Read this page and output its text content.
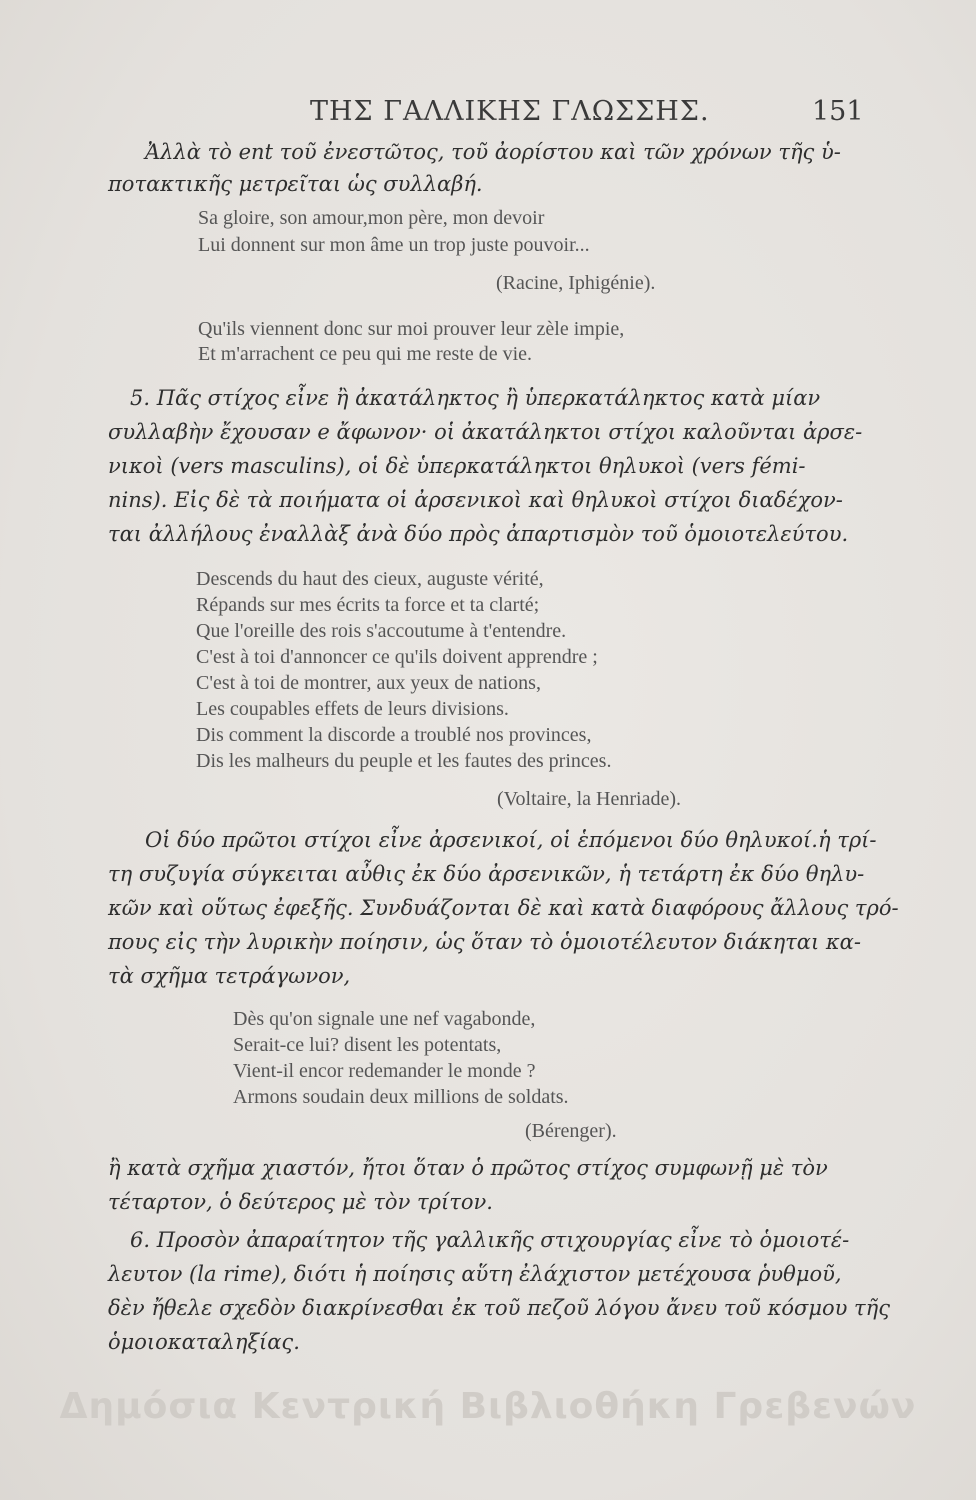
ΤΗΣ ΓΑΛΛΙΚΗΣ ΓΛΩΣΣΗΣ.	151
Ἀλλὰ τὸ ent τοῦ ἐνεστῶτος, τοῦ ἀορίστου καὶ τῶν χρόνων τῆς ὑ-
ποτακτικῆς μετρεῖται ὡς συλλαβή.
Sa gloire, son amour,mon père, mon devoir
Lui donnent sur mon âme un trop juste pouvoir...
(Racine, Iphigénie).
Qu'ils viennent donc sur moi prouver leur zèle impie,
Et m'arrachent ce peu qui me reste de vie.
5. Πᾶς στίχος εἶνε ἢ ἀκατάληκτος ἢ ὑπερκατάληκτος κατὰ μίαν
συλλαβὴν ἔχουσαν e ἄφωνον· οἱ ἀκατάληκτοι στίχοι καλοῦνται ἀρσε-
νικοὶ (vers masculins), οἱ δὲ ὑπερκατάληκτοι θηλυκοὶ (vers fémi-
nins). Εἰς δὲ τὰ ποιήματα οἱ ἀρσενικοὶ καὶ θηλυκοὶ στίχοι διαδέχον-
ται ἀλλήλους ἐναλλὰξ ἀνὰ δύο πρὸς ἀπαρτισμὸν τοῦ ὁμοιοτελεύτου.
Descends du haut des cieux, auguste vérité,
Répands sur mes écrits ta force et ta clarté;
Que l'oreille des rois s'accoutume à t'entendre.
C'est à toi d'annoncer ce qu'ils doivent apprendre ;
C'est à toi de montrer, aux yeux de nations,
Les coupables effets de leurs divisions.
Dis comment la discorde a troublé nos provinces,
Dis les malheurs du peuple et les fautes des princes.
(Voltaire, la Henriade).
Οἱ δύο πρῶτοι στίχοι εἶνε ἀρσενικοί, οἱ ἑπόμενοι δύο θηλυκοί.ἡ τρί-
τη συζυγία σύγκειται αὖθις ἐκ δύο ἀρσενικῶν, ἡ τετάρτη ἐκ δύο θηλυ-
κῶν καὶ οὕτως ἐφεξῆς. Συνδυάζονται δὲ καὶ κατὰ διαφόρους ἄλλους τρό-
πους εἰς τὴν λυρικὴν ποίησιν, ὡς ὅταν τὸ ὁμοιοτέλευτον διάκηται κα-
τὰ σχῆμα τετράγωνον,
Dès qu'on signale une nef vagabonde,
Serait-ce lui? disent les potentats,
Vient-il encor redemander le monde ?
Armons soudain deux millions de soldats.
(Bérenger).
ἢ κατὰ σχῆμα χιαστόν, ἤτοι ὅταν ὁ πρῶτος στίχος συμφωνῇ μὲ τὸν
τέταρτον, ὁ δεύτερος μὲ τὸν τρίτον.
6. Προσὸν ἀπαραίτητον τῆς γαλλικῆς στιχουργίας εἶνε τὸ ὁμοιοτέ-
λευτον (la rime), διότι ἡ ποίησις αὕτη ἐλάχιστον μετέχουσα ῥυθμοῦ,
δὲν ἤθελε σχεδὸν διακρίνεσθαι ἐκ τοῦ πεζοῦ λόγου ἄνευ τοῦ κόσμου τῆς
ὁμοιοκαταληξίας.
Δημόσια Κεντρική Βιβλιοθήκη Γρεβενών
